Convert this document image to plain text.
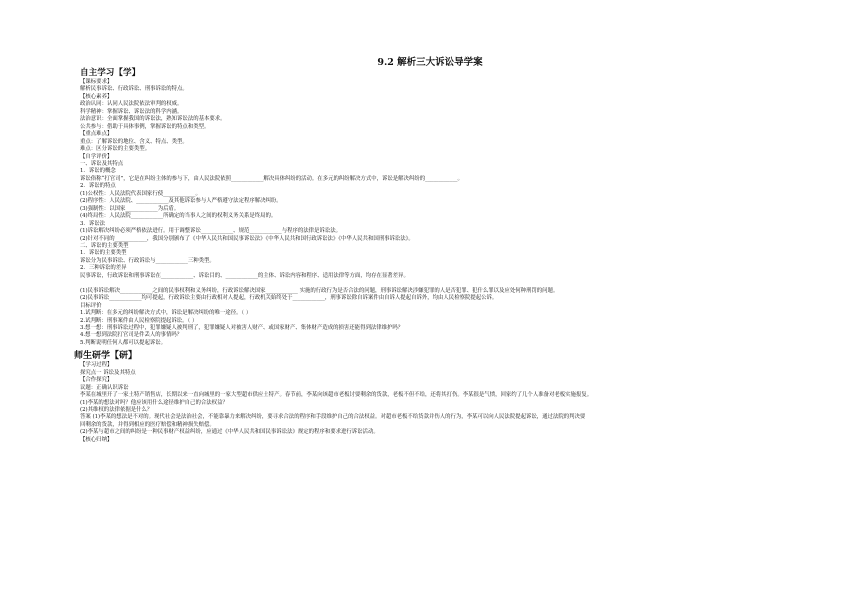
9.2 解析三大诉讼导学案
自主学习【学】
【课标要求】
解析民事诉讼、行政诉讼、刑事诉讼的特点。
【核心素养】
政治认同：认同人民法院依法审判的权威。
科学精神：掌握诉讼、诉讼法的科学内涵。
法治意识：全面掌握我国的诉讼法，熟知诉讼法的基本要求。
公共参与：借助于具体事例，掌握诉讼的特点和类型。
【重点难点】
重点：了解诉讼的地位、含义、特点、类型。
难点：区分诉讼的主要类型。
【自学评价】
一、诉讼及其特点
1．诉讼的概念
诉讼俗称“打官司”，它是在纠纷主体的参与下，由人民法院依照____________解决具体纠纷的活动。在多元的纠纷解决方式中，诉讼是解决纠纷的____________。
2．诉讼的特点
(1)公权性：人民法院代表国家行使____________。
(2)程序性：人民法院、____________及其他诉讼参与人严格遵守法定程序解决纠纷。
(3)强制性：以国家____________为后盾。
(4)终局性：人民法院____________所确定的当事人之间的权利义务关系是终局的。
3．诉讼法
(1)诉讼解决纠纷必须严格依法进行。用于调整诉讼____________、规范____________与程序的法律是诉讼法。
(2)针对不同的____________，我国分别颁布了《中华人民共和国民事诉讼法》《中华人民共和国行政诉讼法》《中华人民共和国刑事诉讼法》。
二、诉讼的主要类型
1．诉讼的主要类型
诉讼分为民事诉讼、行政诉讼与____________三种类型。
2．三种诉讼的差异
民事诉讼，行政诉讼和刑事诉讼在____________、诉讼目的、____________的主体、诉讼内容和程序、适用法律等方面，均存在显著差异。

(1)民事诉讼解决____________之间的民事权利和义务纠纷，行政诉讼解决国家____________ 实施的行政行为是否合法的问题，刑事诉讼解决涉嫌犯罪的人是否犯罪、犯什么罪以及应处何种刑罚的问题。
(2)民事诉讼____________均可提起，行政诉讼主要由行政相对人提起，行政机关始终处于____________，刑事诉讼除自诉案件由自诉人提起自诉外，均由人民检察院提起公诉。
目标评价
1.试判断：在多元的纠纷解决方式中，诉讼是解决纠纷的唯一途径。（ ）
2.试判断：刑事案件由人民检察院提起诉讼。（ ）
3.想一想：刑事诉讼过程中，犯罪嫌疑人被判刑了，犯罪嫌疑人对被害人财产、或国家财产、集体财产造成的损害还能得到法律维护吗？
4.想一想到法院打官司是件丢人的事情吗？
5.判断说明任何人都可以提起诉讼。
师生研学【研】
【学习过程】
探究点一 诉讼及其特点
【合作探究】
议题：正确认识诉讼
李某在城里开了一家土特产销售店，长期以来一直向城里的一家大型超市供应土特产。春节前，李某向该超市老板讨要剩余的货款，老板不但不给，还将其打伤。李某很是气愤，回家约了几个人准备对老板实施报复。
(1)李某的想法对吗？他应该用什么途径维护自己的合法权益？
(2)其维权的法律依据是什么？
答案 (1)李某的想法是不对的。现代社会是法治社会，不能靠暴力来解决纠纷，要寻求合法的程序和手段维护自己的合法权益。对超市老板不给货款并伤人的行为，李某可以向人民法院提起诉讼，通过法院的判决要
回剩余的货款，并得到相应的医疗赔偿和精神损失赔偿。
(2)李某与超市之间的纠纷是一种民事财产权益纠纷，应通过《中华人民共和国民事诉讼法》规定的程序和要求进行诉讼活动。
【核心归纳】
